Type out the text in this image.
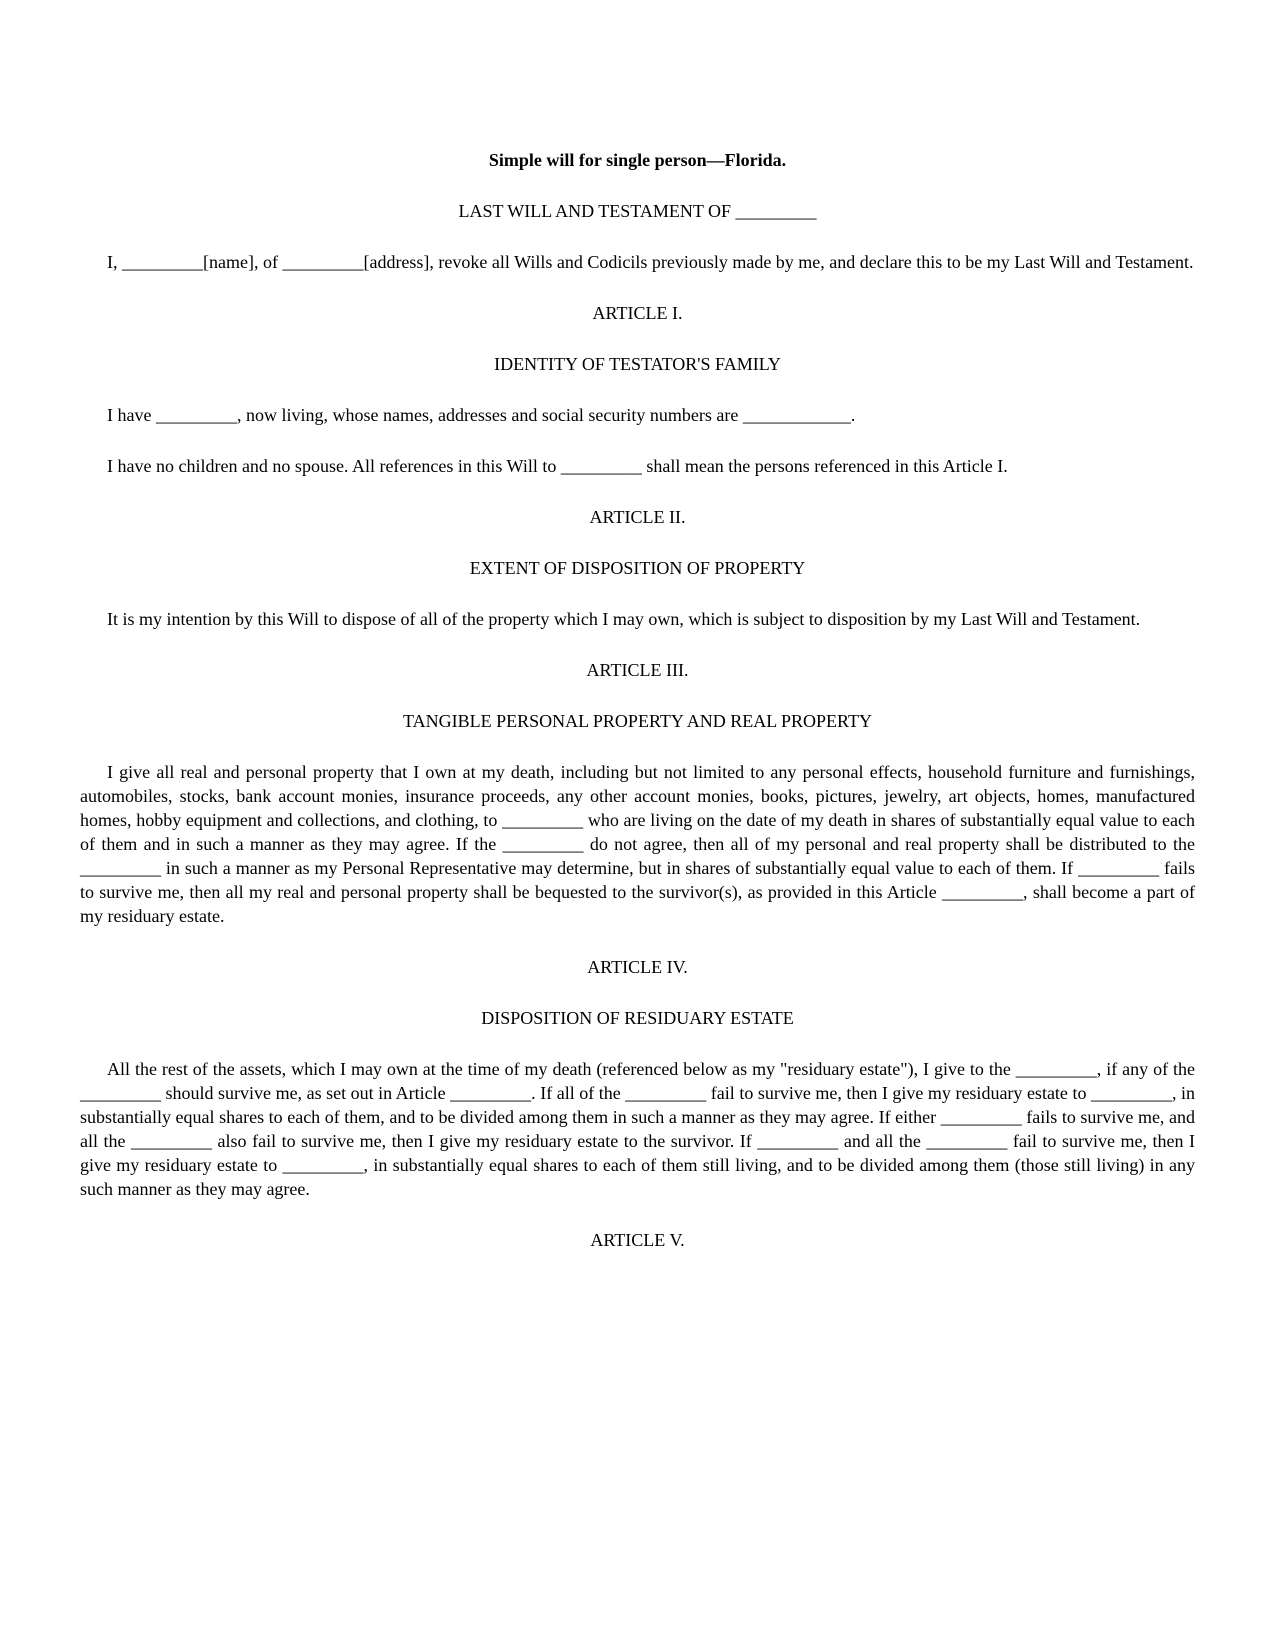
Simple will for single person—Florida.

LAST WILL AND TESTAMENT OF _________

I, _________[name], of _________[address], revoke all Wills and Codicils previously made by me, and declare this to be my Last Will and Testament.

ARTICLE I.

IDENTITY OF TESTATOR'S FAMILY

I have _________, now living, whose names, addresses and social security numbers are ____________.

I have no children and no spouse. All references in this Will to _________ shall mean the persons referenced in this Article I.

ARTICLE II.

EXTENT OF DISPOSITION OF PROPERTY

It is my intention by this Will to dispose of all of the property which I may own, which is subject to disposition by my Last Will and Testament.

ARTICLE III.

TANGIBLE PERSONAL PROPERTY AND REAL PROPERTY

I give all real and personal property that I own at my death, including but not limited to any personal effects, household furniture and furnishings, automobiles, stocks, bank account monies, insurance proceeds, any other account monies, books, pictures, jewelry, art objects, homes, manufactured homes, hobby equipment and collections, and clothing, to _________ who are living on the date of my death in shares of substantially equal value to each of them and in such a manner as they may agree. If the _________ do not agree, then all of my personal and real property shall be distributed to the _________ in such a manner as my Personal Representative may determine, but in shares of substantially equal value to each of them. If _________ fails to survive me, then all my real and personal property shall be bequested to the survivor(s), as provided in this Article _________, shall become a part of my residuary estate.

ARTICLE IV.

DISPOSITION OF RESIDUARY ESTATE

All the rest of the assets, which I may own at the time of my death (referenced below as my "residuary estate"), I give to the _________, if any of the _________ should survive me, as set out in Article _________. If all of the _________ fail to survive me, then I give my residuary estate to _________, in substantially equal shares to each of them, and to be divided among them in such a manner as they may agree. If either _________ fails to survive me, and all the _________ also fail to survive me, then I give my residuary estate to the survivor. If _________ and all the _________ fail to survive me, then I give my residuary estate to _________, in substantially equal shares to each of them still living, and to be divided among them (those still living) in any such manner as they may agree.

ARTICLE V.
